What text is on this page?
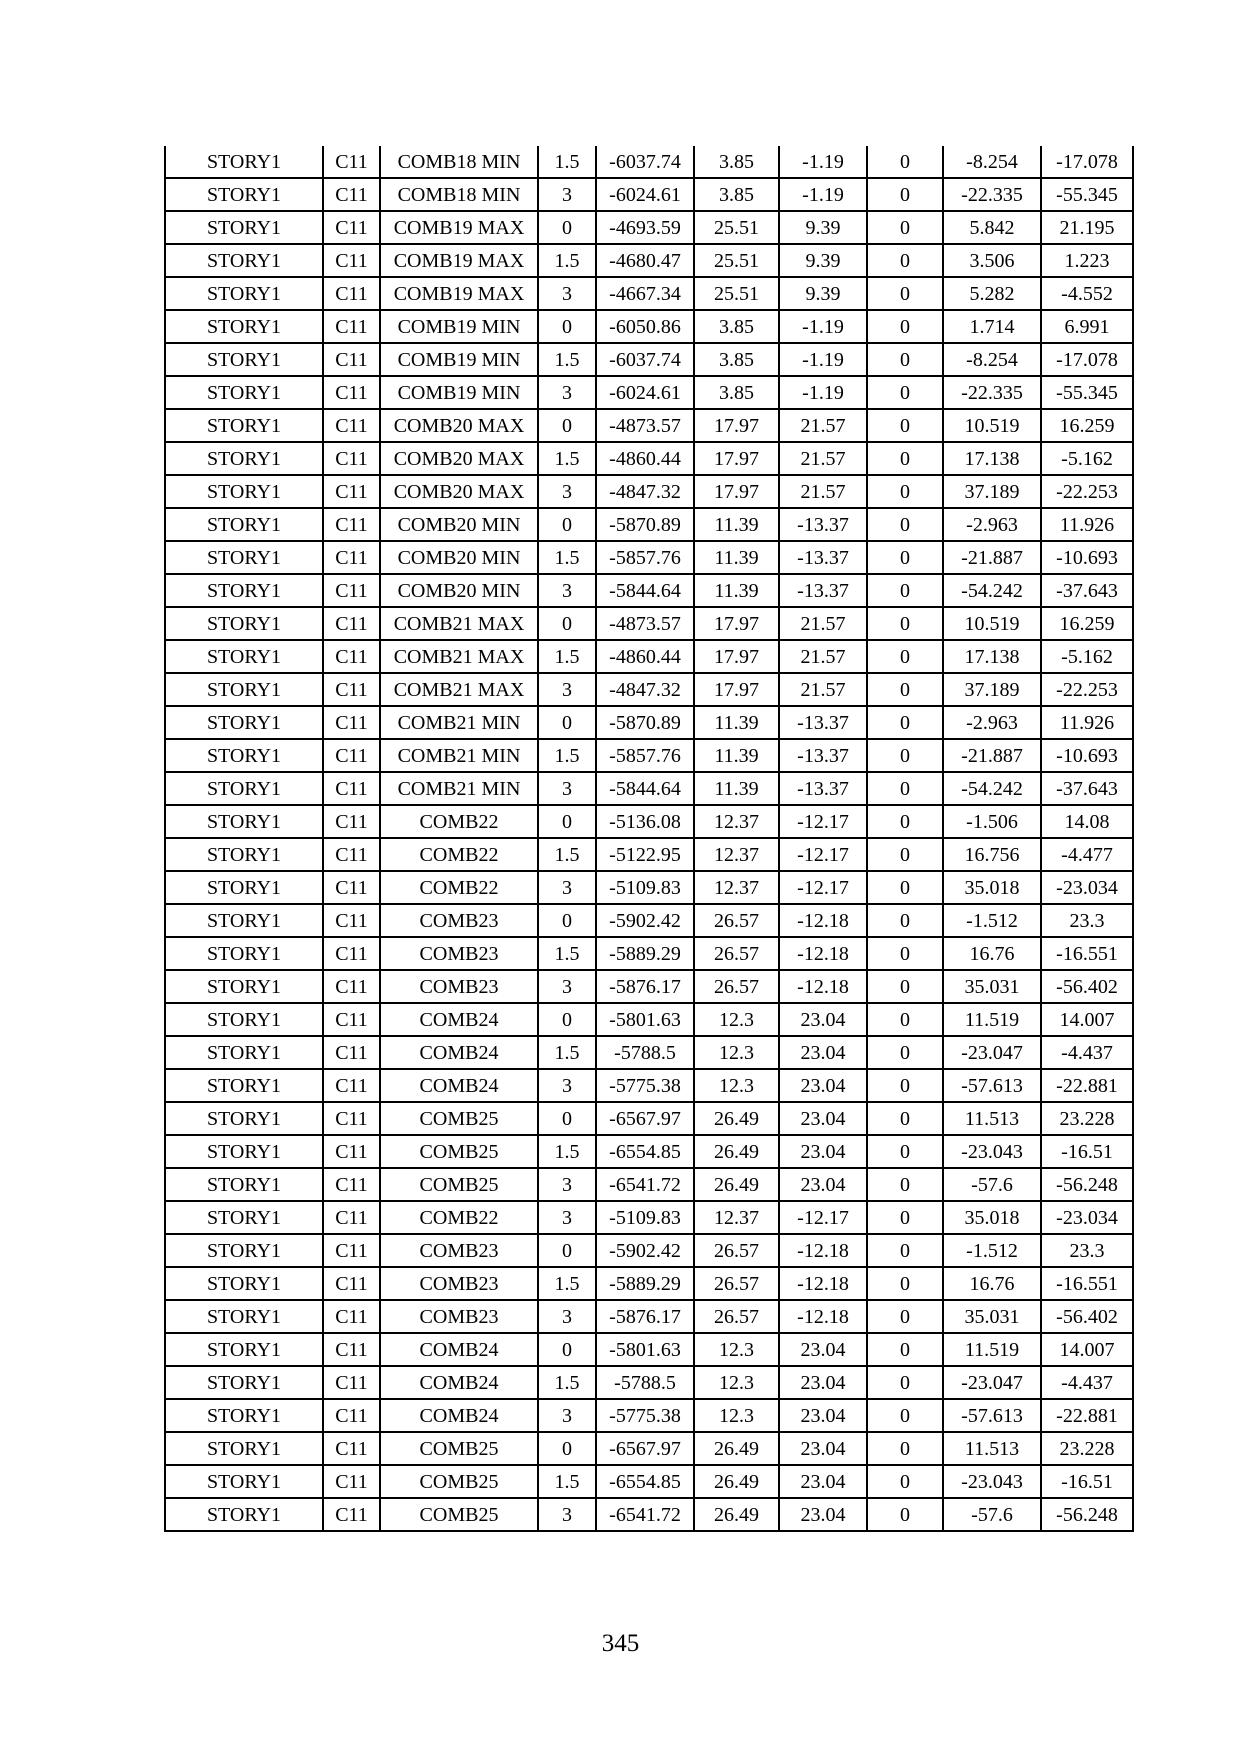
STORY1	C11	COMB18 MIN	1.5	-6037.74	3.85	-1.19	0	-8.254	-17.078
STORY1	C11	COMB18 MIN	3	-6024.61	3.85	-1.19	0	-22.335	-55.345
STORY1	C11	COMB19 MAX	0	-4693.59	25.51	9.39	0	5.842	21.195
STORY1	C11	COMB19 MAX	1.5	-4680.47	25.51	9.39	0	3.506	1.223
STORY1	C11	COMB19 MAX	3	-4667.34	25.51	9.39	0	5.282	-4.552
STORY1	C11	COMB19 MIN	0	-6050.86	3.85	-1.19	0	1.714	6.991
STORY1	C11	COMB19 MIN	1.5	-6037.74	3.85	-1.19	0	-8.254	-17.078
STORY1	C11	COMB19 MIN	3	-6024.61	3.85	-1.19	0	-22.335	-55.345
STORY1	C11	COMB20 MAX	0	-4873.57	17.97	21.57	0	10.519	16.259
STORY1	C11	COMB20 MAX	1.5	-4860.44	17.97	21.57	0	17.138	-5.162
STORY1	C11	COMB20 MAX	3	-4847.32	17.97	21.57	0	37.189	-22.253
STORY1	C11	COMB20 MIN	0	-5870.89	11.39	-13.37	0	-2.963	11.926
STORY1	C11	COMB20 MIN	1.5	-5857.76	11.39	-13.37	0	-21.887	-10.693
STORY1	C11	COMB20 MIN	3	-5844.64	11.39	-13.37	0	-54.242	-37.643
STORY1	C11	COMB21 MAX	0	-4873.57	17.97	21.57	0	10.519	16.259
STORY1	C11	COMB21 MAX	1.5	-4860.44	17.97	21.57	0	17.138	-5.162
STORY1	C11	COMB21 MAX	3	-4847.32	17.97	21.57	0	37.189	-22.253
STORY1	C11	COMB21 MIN	0	-5870.89	11.39	-13.37	0	-2.963	11.926
STORY1	C11	COMB21 MIN	1.5	-5857.76	11.39	-13.37	0	-21.887	-10.693
STORY1	C11	COMB21 MIN	3	-5844.64	11.39	-13.37	0	-54.242	-37.643
STORY1	C11	COMB22	0	-5136.08	12.37	-12.17	0	-1.506	14.08
STORY1	C11	COMB22	1.5	-5122.95	12.37	-12.17	0	16.756	-4.477
STORY1	C11	COMB22	3	-5109.83	12.37	-12.17	0	35.018	-23.034
STORY1	C11	COMB23	0	-5902.42	26.57	-12.18	0	-1.512	23.3
STORY1	C11	COMB23	1.5	-5889.29	26.57	-12.18	0	16.76	-16.551
STORY1	C11	COMB23	3	-5876.17	26.57	-12.18	0	35.031	-56.402
STORY1	C11	COMB24	0	-5801.63	12.3	23.04	0	11.519	14.007
STORY1	C11	COMB24	1.5	-5788.5	12.3	23.04	0	-23.047	-4.437
STORY1	C11	COMB24	3	-5775.38	12.3	23.04	0	-57.613	-22.881
STORY1	C11	COMB25	0	-6567.97	26.49	23.04	0	11.513	23.228
STORY1	C11	COMB25	1.5	-6554.85	26.49	23.04	0	-23.043	-16.51
STORY1	C11	COMB25	3	-6541.72	26.49	23.04	0	-57.6	-56.248
STORY1	C11	COMB22	3	-5109.83	12.37	-12.17	0	35.018	-23.034
STORY1	C11	COMB23	0	-5902.42	26.57	-12.18	0	-1.512	23.3
STORY1	C11	COMB23	1.5	-5889.29	26.57	-12.18	0	16.76	-16.551
STORY1	C11	COMB23	3	-5876.17	26.57	-12.18	0	35.031	-56.402
STORY1	C11	COMB24	0	-5801.63	12.3	23.04	0	11.519	14.007
STORY1	C11	COMB24	1.5	-5788.5	12.3	23.04	0	-23.047	-4.437
STORY1	C11	COMB24	3	-5775.38	12.3	23.04	0	-57.613	-22.881
STORY1	C11	COMB25	0	-6567.97	26.49	23.04	0	11.513	23.228
STORY1	C11	COMB25	1.5	-6554.85	26.49	23.04	0	-23.043	-16.51
STORY1	C11	COMB25	3	-6541.72	26.49	23.04	0	-57.6	-56.248
345
